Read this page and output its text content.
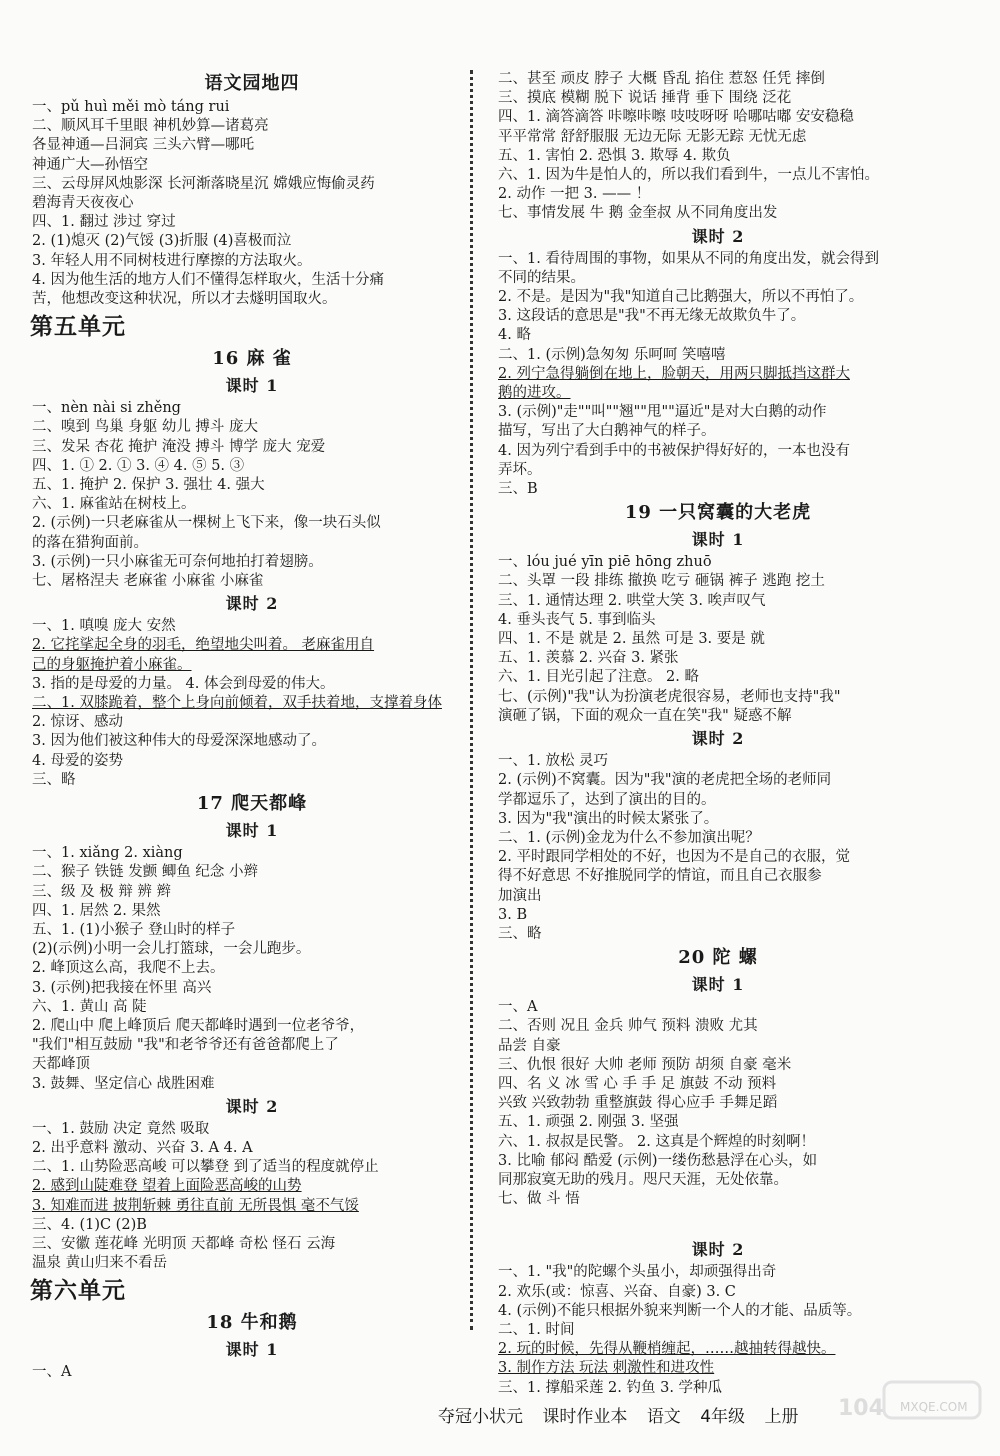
语文园地四
一、pǔ huì měi mò táng rui
二、顺风耳千里眼 神机妙算—诸葛亮
各显神通—吕洞宾 三头六臂—哪吒
神通广大—孙悟空
三、云母屏风烛影深 长河渐落晓星沉 嫦娥应悔偷灵药
碧海青天夜夜心
四、1. 翻过 涉过 穿过
2. (1)熄灭 (2)气馁 (3)折服 (4)喜极而泣
3. 年轻人用不同树枝进行摩擦的方法取火。
4. 因为他生活的地方人们不懂得怎样取火，生活十分痛
苦，他想改变这种状况，所以才去燧明国取火。
第五单元
16 麻 雀
课时 1
一、nèn nài si zhěng
二、嗅到 鸟巢 身躯 幼儿 搏斗 庞大
三、发呆 杏花 掩护 淹没 搏斗 博学 庞大 宠爱
四、1. ① 2. ① 3. ④ 4. ⑤ 5. ③
五、1. 掩护 2. 保护 3. 强壮 4. 强大
六、1. 麻雀站在树枝上。
2. (示例)一只老麻雀从一棵树上飞下来，像一块石头似
的落在猎狗面前。
3. (示例)一只小麻雀无可奈何地拍打着翅膀。
七、屠格涅夫 老麻雀 小麻雀 小麻雀
课时 2
一、1. 嗔嗅 庞大 安然
2. 它挓挲起全身的羽毛，绝望地尖叫着。 老麻雀用自
己的身躯掩护着小麻雀。
3. 指的是母爱的力量。 4. 体会到母爱的伟大。
二、1. 双膝跪着，整个上身向前倾着，双手扶着地，支撑着身体
2. 惊讶、感动
3. 因为他们被这种伟大的母爱深深地感动了。
4. 母爱的姿势
三、略
17 爬天都峰
课时 1
一、1. xiǎng 2. xiàng
二、猴子 铁链 发颤 鲫鱼 纪念 小辫
三、级 及 极 辩 辨 辫
四、1. 居然 2. 果然
五、1. (1)小猴子 登山时的样子
(2)(示例)小明一会儿打篮球，一会儿跑步。
2. 峰顶这么高，我爬不上去。
3. (示例)把我接在怀里 高兴
六、1. 黄山 高 陡
2. 爬山中 爬上峰顶后 爬天都峰时遇到一位老爷爷，
"我们"相互鼓励 "我"和老爷爷还有爸爸都爬上了
天都峰顶
3. 鼓舞、坚定信心 战胜困难
课时 2
一、1. 鼓励 决定 竟然 吸取
2. 出乎意料 激动、兴奋 3. A 4. A
二、1. 山势险恶高峻 可以攀登 到了适当的程度就停止
2. 感到山陡难登 望着上面险恶高峻的山势
3. 知难而进 披荆斩棘 勇往直前 无所畏惧 毫不气馁
三、4. (1)C (2)B
三、安徽 莲花峰 光明顶 天都峰 奇松 怪石 云海
温泉 黄山归来不看岳
第六单元
18 牛和鹅
课时 1
一、A
二、甚至 顽皮 脖子 大概 昏乱 掐住 惹怒 任凭 摔倒
三、摸底 模糊 脱下 说话 捶背 垂下 围绕 泛花
四、1. 滴答滴答 咔嚓咔嚓 吱吱呀呀 哈哪咕嘟 安安稳稳
平平常常 舒舒服服 无边无际 无影无踪 无忧无虑
五、1. 害怕 2. 恐惧 3. 欺辱 4. 欺负
六、1. 因为牛是怕人的，所以我们看到牛，一点儿不害怕。
2. 动作 一把 3. —— ！
七、事情发展 牛 鹅 金奎叔 从不同角度出发
课时 2
一、1. 看待周围的事物，如果从不同的角度出发，就会得到
不同的结果。
2. 不是。是因为"我"知道自己比鹅强大，所以不再怕了。
3. 这段话的意思是"我"不再无缘无故欺负牛了。
4. 略
二、1. (示例)急匆匆 乐呵呵 笑嘻嘻
2. 列宁急得躺倒在地上，脸朝天，用两只脚抵挡这群大
鹅的进攻。
3. (示例)"走""叫""翘""甩""逼近"是对大白鹅的动作
描写，写出了大白鹅神气的样子。
4. 因为列宁看到手中的书被保护得好好的，一本也没有
弄坏。
三、B
19 一只窝囊的大老虎
课时 1
一、lóu jué yīn piē hōng zhuō
二、头罩 一段 排练 撤换 吃亏 砸锅 裤子 逃跑 挖土
三、1. 通情达理 2. 哄堂大笑 3. 唉声叹气
4. 垂头丧气 5. 事到临头
四、1. 不是 就是 2. 虽然 可是 3. 要是 就
五、1. 羡慕 2. 兴奋 3. 紧张
六、1. 目光引起了注意。 2. 略
七、(示例)"我"认为扮演老虎很容易，老师也支持"我"
演砸了锅，下面的观众一直在笑"我" 疑惑不解
课时 2
一、1. 放松 灵巧
2. (示例)不窝囊。因为"我"演的老虎把全场的老师同
学都逗乐了，达到了演出的目的。
3. 因为"我"演出的时候太紧张了。
二、1. (示例)金龙为什么不参加演出呢？
2. 平时跟同学相处的不好，也因为不是自己的衣服，觉
得不好意思 不好推脱同学的情谊，而且自己衣服参
加演出
3. B
三、略
20 陀 螺
课时 1
一、A
二、否则 况且 金兵 帅气 预料 溃败 尤其
品尝 自豪
三、仇恨 很好 大帅 老师 预防 胡须 自豪 毫米
四、名 义 冰 雪 心 手 手 足 旗鼓 不动 预料
兴致 兴致勃勃 重整旗鼓 得心应手 手舞足蹈
五、1. 顽强 2. 刚强 3. 坚强
六、1. 叔叔是民警。 2. 这真是个辉煌的时刻啊！
3. 比喻 郁闷 酷爱 (示例)一缕伤愁悬浮在心头，如
同那寂寞无助的残月。咫尺天涯，无处依靠。
七、做 斗 悟
课时 2
一、1. "我"的陀螺个头虽小，却顽强得出奇
2. 欢乐(或：惊喜、兴奋、自豪) 3. C
4. (示例)不能只根据外貌来判断一个人的才能、品质等。
二、1. 时间
2. 玩的时候，先得从鞭梢缠起，……越抽转得越快。
3. 制作方法 玩法 刺激性和进攻性
三、1. 撑船采莲 2. 钓鱼 3. 学种瓜
夺冠小状元 课时作业本 语文 4年级 上册	104 MXQE.COM
